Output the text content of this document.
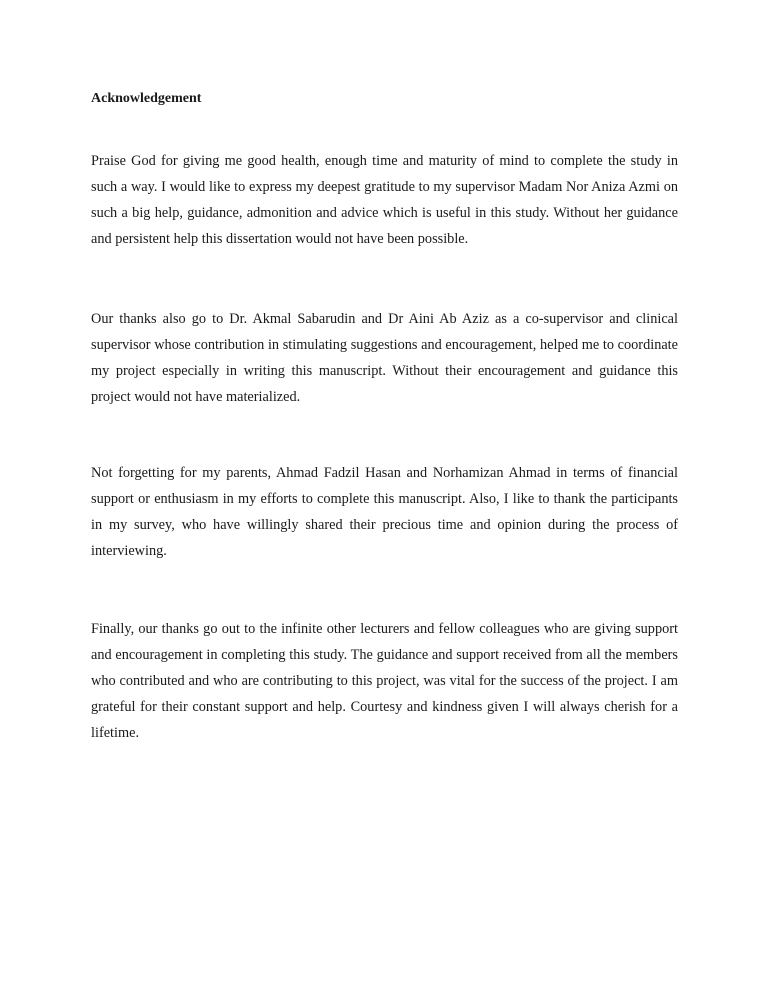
Acknowledgement

Praise God for giving me good health, enough time and maturity of mind to complete the study in such a way. I would like to express my deepest gratitude to my supervisor Madam Nor Aniza Azmi on such a big help, guidance, admonition and advice which is useful in this study. Without her guidance and persistent help this dissertation would not have been possible.

Our thanks also go to Dr. Akmal Sabarudin and Dr Aini Ab Aziz as a co-supervisor and clinical supervisor whose contribution in stimulating suggestions and encouragement, helped me to coordinate my project especially in writing this manuscript. Without their encouragement and guidance this project would not have materialized.

Not forgetting for my parents, Ahmad Fadzil Hasan and Norhamizan Ahmad in terms of financial support or enthusiasm in my efforts to complete this manuscript. Also, I like to thank the participants in my survey, who have willingly shared their precious time and opinion during the process of interviewing.

Finally, our thanks go out to the infinite other lecturers and fellow colleagues who are giving support and encouragement in completing this study. The guidance and support received from all the members who contributed and who are contributing to this project, was vital for the success of the project. I am grateful for their constant support and help. Courtesy and kindness given I will always cherish for a lifetime.
